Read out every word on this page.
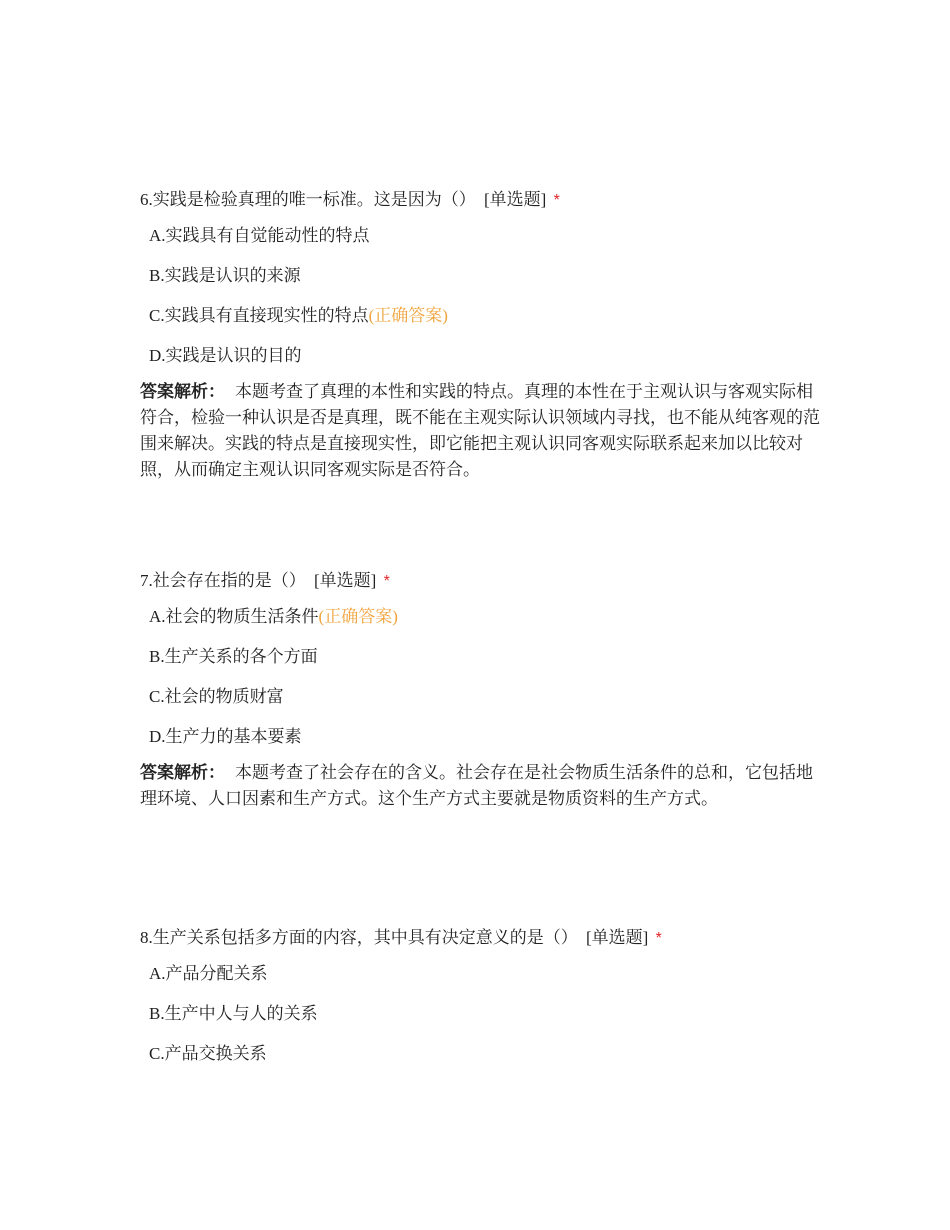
6.实践是检验真理的唯一标准。这是因为（） [单选题] *
A.实践具有自觉能动性的特点
B.实践是认识的来源
C.实践具有直接现实性的特点(正确答案)
D.实践是认识的目的
答案解析： 本题考查了真理的本性和实践的特点。真理的本性在于主观认识与客观实际相符合，检验一种认识是否是真理，既不能在主观实际认识领域内寻找，也不能从纯客观的范围来解决。实践的特点是直接现实性，即它能把主观认识同客观实际联系起来加以比较对照，从而确定主观认识同客观实际是否符合。
7.社会存在指的是（） [单选题] *
A.社会的物质生活条件(正确答案)
B.生产关系的各个方面
C.社会的物质财富
D.生产力的基本要素
答案解析： 本题考查了社会存在的含义。社会存在是社会物质生活条件的总和，它包括地理环境、人口因素和生产方式。这个生产方式主要就是物质资料的生产方式。
8.生产关系包括多方面的内容，其中具有决定意义的是（） [单选题] *
A.产品分配关系
B.生产中人与人的关系
C.产品交换关系
